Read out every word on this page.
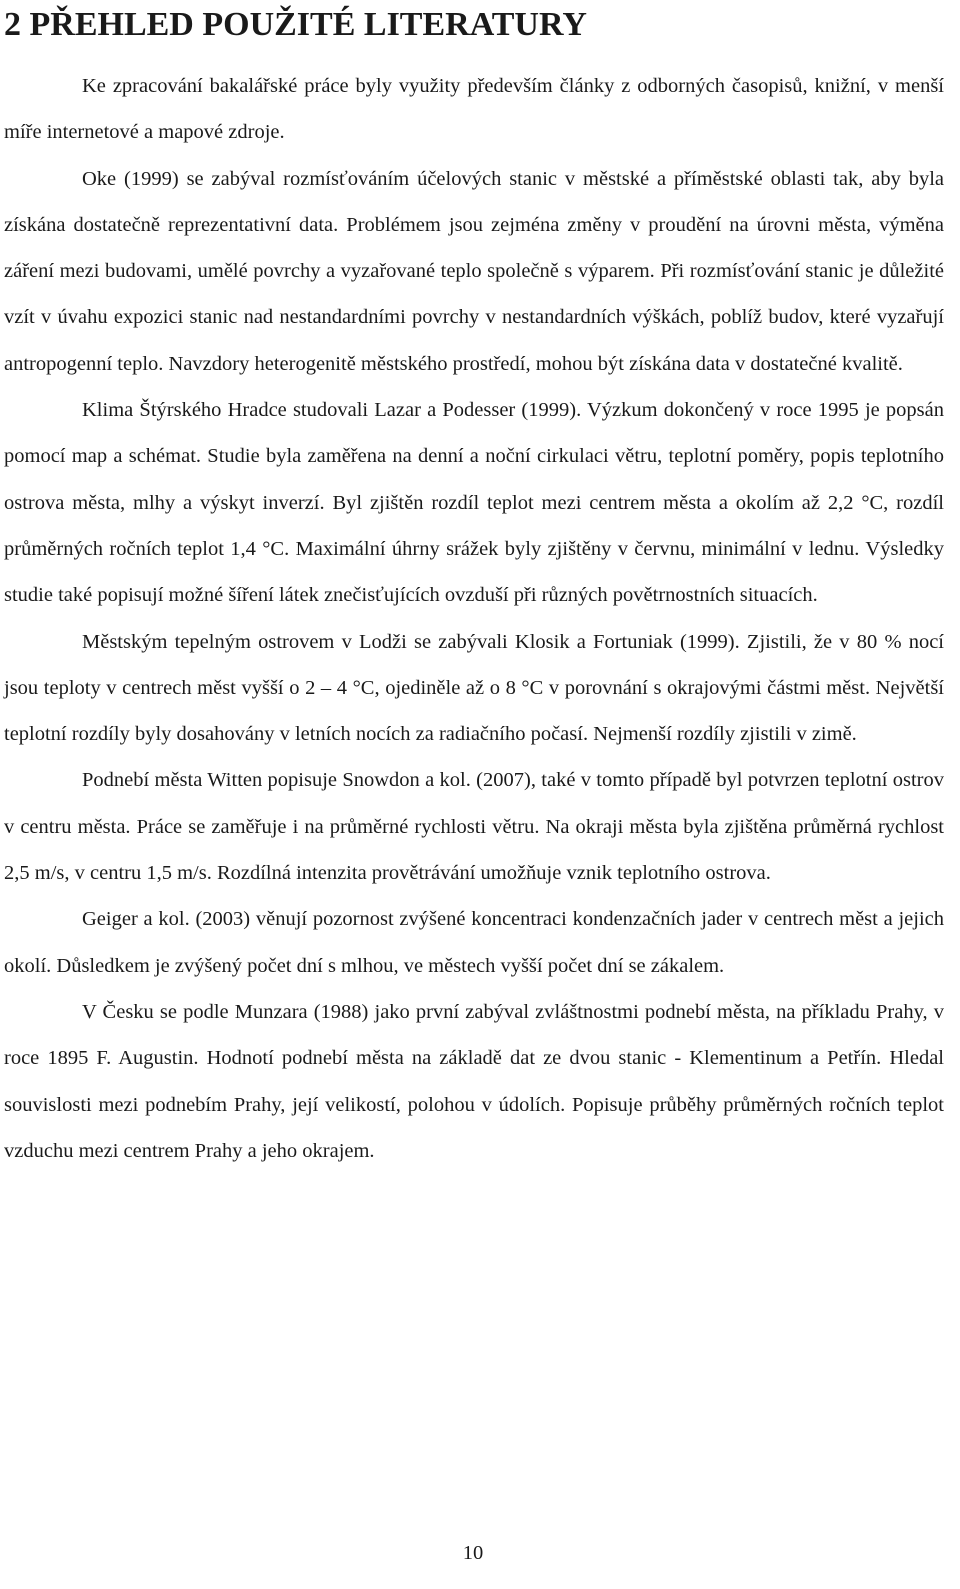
2 PŘEHLED POUŽITÉ LITERATURY

Ke zpracování bakalářské práce byly využity především články z odborných časopisů, knižní, v menší míře internetové a mapové zdroje.

Oke (1999) se zabýval rozmísťováním účelových stanic v městské a příměstské oblasti tak, aby byla získána dostatečně reprezentativní data. Problémem jsou zejména změny v proudění na úrovni města, výměna záření mezi budovami, umělé povrchy a vyzařované teplo společně s výparem. Při rozmísťování stanic je důležité vzít v úvahu expozici stanic nad nestandardními povrchy v nestandardních výškách, poblíž budov, které vyzařují antropogenní teplo. Navzdory heterogenitě městského prostředí, mohou být získána data v dostatečné kvalitě.

Klima Štýrského Hradce studovali Lazar a Podesser (1999). Výzkum dokončený v roce 1995 je popsán pomocí map a schémat. Studie byla zaměřena na denní a noční cirkulaci větru, teplotní poměry, popis teplotního ostrova města, mlhy a výskyt inverzí. Byl zjištěn rozdíl teplot mezi centrem města a okolím až 2,2 °C, rozdíl průměrných ročních teplot 1,4 °C. Maximální úhrny srážek byly zjištěny v červnu, minimální v lednu. Výsledky studie také popisují možné šíření látek znečisťujících ovzduší při různých povětrnostních situacích.

Městským tepelným ostrovem v Lodži se zabývali Klosik a Fortuniak (1999). Zjistili, že v 80 % nocí jsou teploty v centrech měst vyšší o 2 – 4 °C, ojediněle až o 8 °C v porovnání s okrajovými částmi měst. Největší teplotní rozdíly byly dosahovány v letních nocích za radiačního počasí. Nejmenší rozdíly zjistili v zimě.

Podnebí města Witten popisuje Snowdon a kol. (2007), také v tomto případě byl potvrzen teplotní ostrov v centru města. Práce se zaměřuje i na průměrné rychlosti větru. Na okraji města byla zjištěna průměrná rychlost 2,5 m/s, v centru 1,5 m/s. Rozdílná intenzita provětrávání umožňuje vznik teplotního ostrova.

Geiger a kol. (2003) věnují pozornost zvýšené koncentraci kondenzačních jader v centrech měst a jejich okolí. Důsledkem je zvýšený počet dní s mlhou, ve městech vyšší počet dní se zákalem.

V Česku se podle Munzara (1988) jako první zabýval zvláštnostmi podnebí města, na příkladu Prahy, v roce 1895 F. Augustin. Hodnotí podnebí města na základě dat ze dvou stanic - Klementinum a Petřín. Hledal souvislosti mezi podnebím Prahy, její velikostí, polohou v údolích. Popisuje průběhy průměrných ročních teplot vzduchu mezi centrem Prahy a jeho okrajem.

10
